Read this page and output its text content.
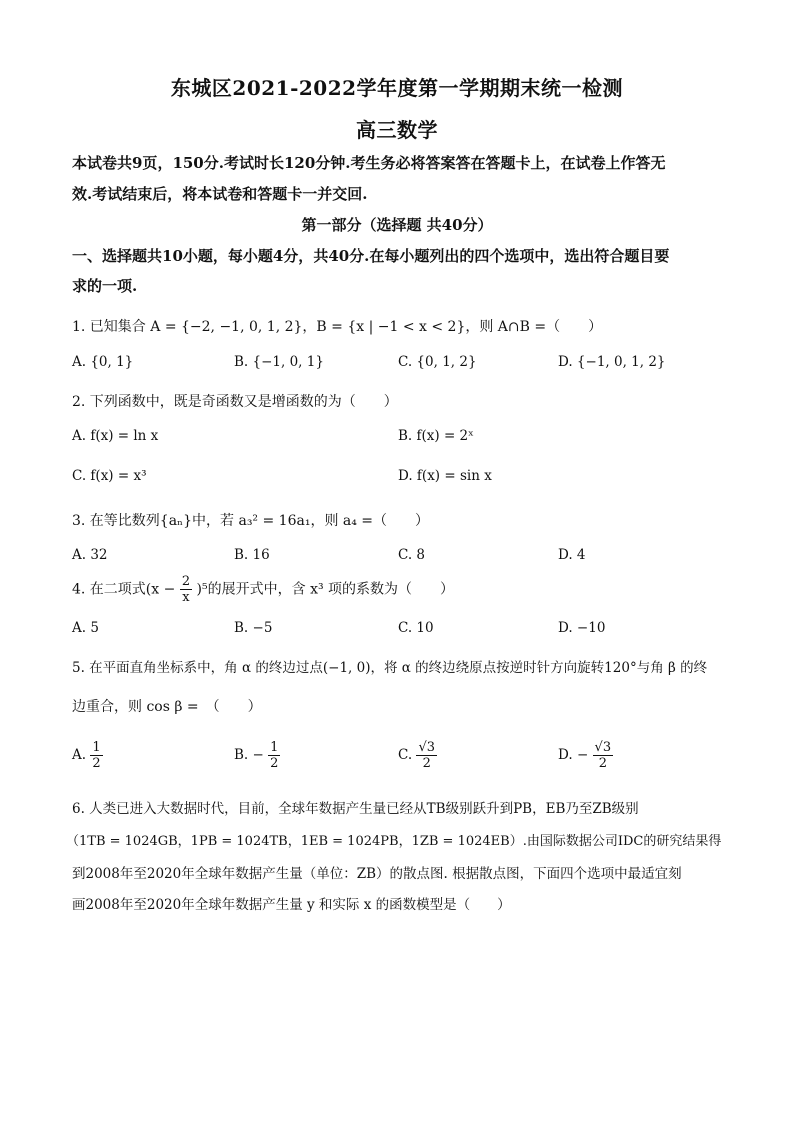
东城区2021-2022学年度第一学期期末统一检测
高三数学
本试卷共9页，150分.考试时长120分钟.考生务必将答案答在答题卡上，在试卷上作答无
效.考试结束后，将本试卷和答题卡一并交回.
第一部分（选择题 共40分）
一、选择题共10小题，每小题4分，共40分.在每小题列出的四个选项中，选出符合题目要
求的一项.
1. 已知集合 A = {−2, −1, 0, 1, 2}，B = {x | −1 < x < 2}，则 A∩B =（　　）
A. {0, 1}	B. {−1, 0, 1}	C. {0, 1, 2}	D. {−1, 0, 1, 2}
2. 下列函数中，既是奇函数又是增函数的为（　　）
A. f(x) = ln x	B. f(x) = 2ˣ
C. f(x) = x³	D. f(x) = sin x
3. 在等比数列{aₙ}中，若 a₃² = 16a₁，则 a₄ =（　　）
A. 32	B. 16	C. 8	D. 4
4. 在二项式$(x - \frac{2}{x} )^5$的展开式中，含 x³ 项的系数为（　　）
A. 5	B. −5	C. 10	D. −10
5. 在平面直角坐标系中，角 α 的终边过点(−1, 0)，将 α 的终边绕原点按逆时针方向旋转120°与角 β 的终
边重合，则 cos β =　（　　）
A. $\frac{1}{2}$	B. − $\frac{1}{2}$	C. $\frac{√3}{2}$	D. − $\frac{√3}{2}$
6. 人类已进入大数据时代，目前，全球年数据产生量已经从TB级别跃升到PB，EB乃至ZB级别
（1TB = 1024GB，1PB = 1024TB，1EB = 1024PB，1ZB = 1024EB）.由国际数据公司IDC的研究结果得
到2008年至2020年全球年数据产生量（单位：ZB）的散点图. 根据散点图，下面四个选项中最适宜刻
画2008年至2020年全球年数据产生量 y 和实际 x 的函数模型是（　　）
